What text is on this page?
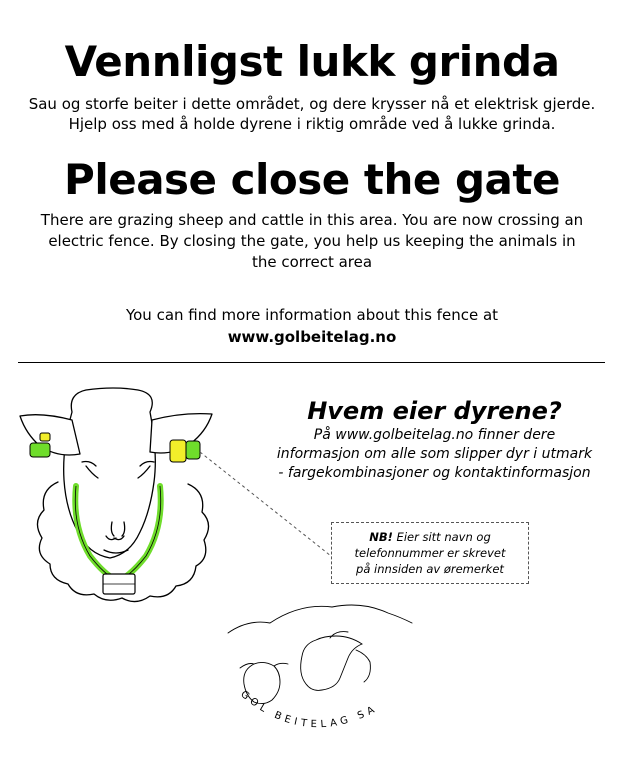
Vennligst lukk grinda
Sau og storfe beiter i dette området, og dere krysser nå et elektrisk gjerde.
Hjelp oss med å holde dyrene i riktig område ved å lukke grinda.
Please close the gate
There are grazing sheep and cattle in this area. You are now crossing an
electric fence. By closing the gate, you help us keeping the animals in
the correct area
You can find more information about this fence at
www.golbeitelag.no
GOL BEITELAG SA
Hvem eier dyrene?
På www.golbeitelag.no finner dere
informasjon om alle som slipper dyr i utmark
- fargekombinasjoner og kontaktinformasjon
NB! Eier sitt navn og
telefonnummer er skrevet
på innsiden av øremerket
